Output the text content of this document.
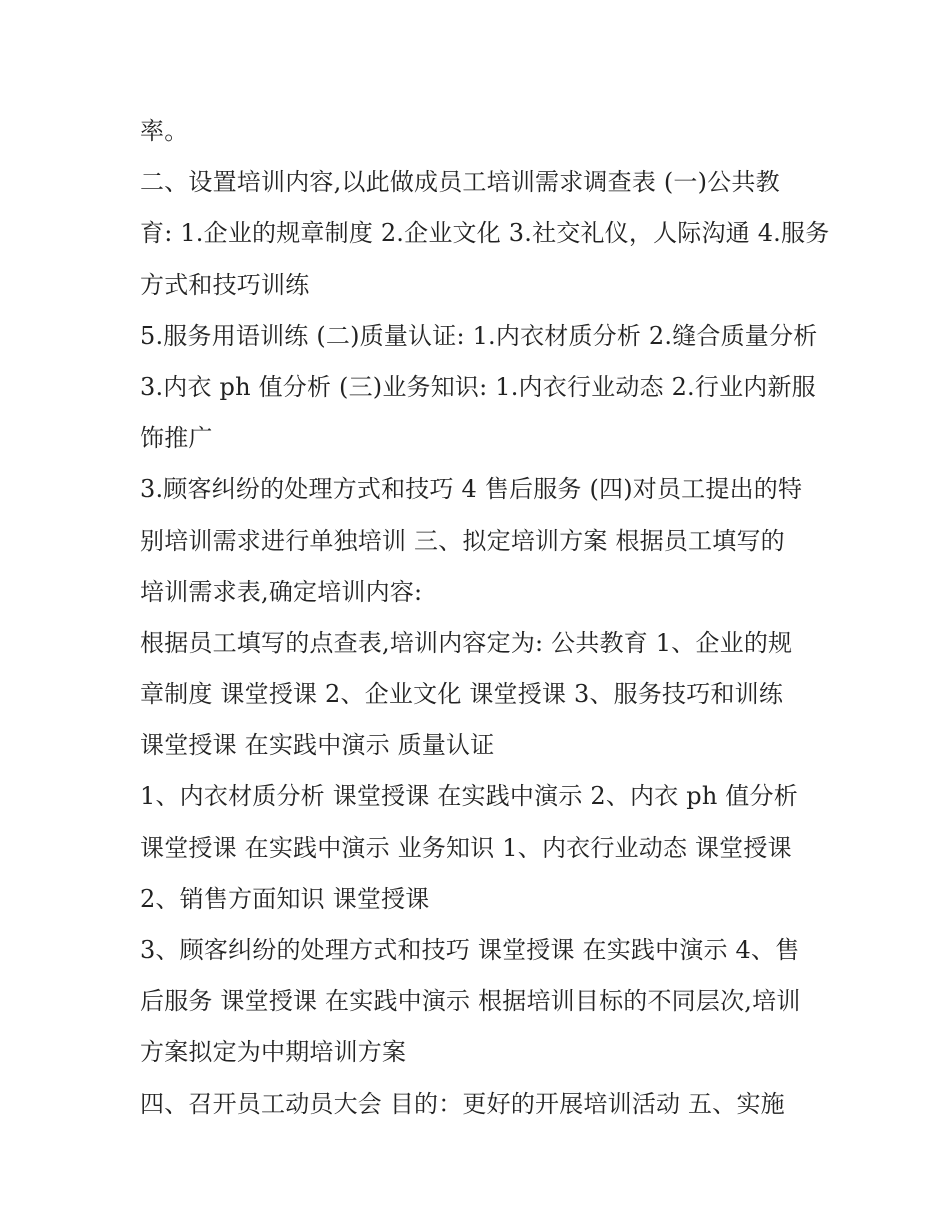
率。
二、设置培训内容,以此做成员工培训需求调查表 (一)公共教
育: 1.企业的规章制度 2.企业文化 3.社交礼仪，人际沟通 4.服务
方式和技巧训练
5.服务用语训练 (二)质量认证: 1.内衣材质分析 2.缝合质量分析
3.内衣 ph 值分析 (三)业务知识: 1.内衣行业动态 2.行业内新服
饰推广
3.顾客纠纷的处理方式和技巧 4 售后服务 (四)对员工提出的特
别培训需求进行单独培训 三、拟定培训方案 根据员工填写的
培训需求表,确定培训内容:
根据员工填写的点查表,培训内容定为: 公共教育 1、企业的规
章制度 课堂授课 2、企业文化 课堂授课 3、服务技巧和训练
课堂授课 在实践中演示 质量认证
1、内衣材质分析 课堂授课 在实践中演示 2、内衣 ph 值分析
课堂授课 在实践中演示 业务知识 1、内衣行业动态 课堂授课
2、销售方面知识 课堂授课
3、顾客纠纷的处理方式和技巧 课堂授课 在实践中演示 4、售
后服务 课堂授课 在实践中演示 根据培训目标的不同层次,培训
方案拟定为中期培训方案
四、召开员工动员大会 目的：更好的开展培训活动 五、实施
